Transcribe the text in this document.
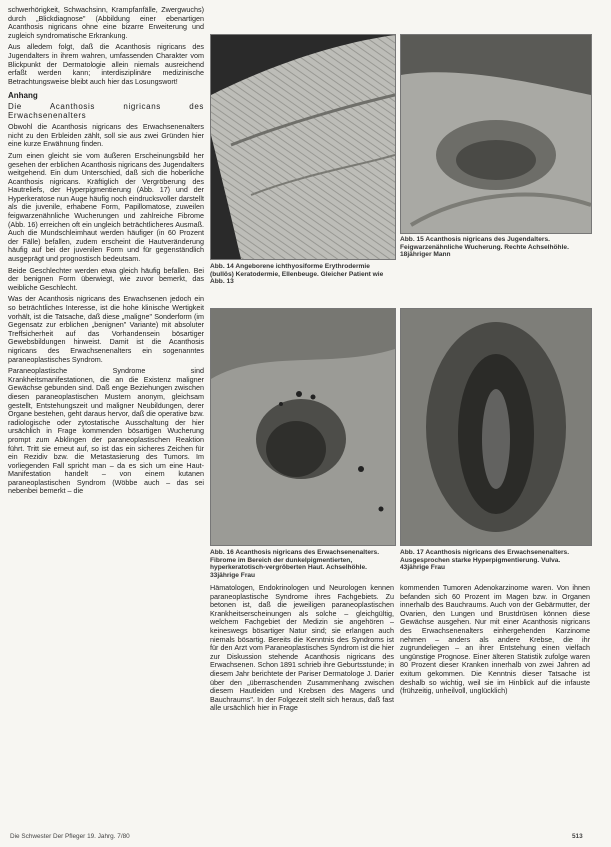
schwerhörigkeit, Schwachsinn, Krampfanfälle, Zwergwuchs) durch „Blickdiagnose" (Abbildung einer ebenartigen Acanthosis nigricans ohne eine bizarre Erweiterung und zugleich syndromatische Erkrankung.

Aus alledem folgt, daß die Acanthosis nigricans des Jugendalters in ihrem wahren, umfassenden Charakter vom Blickpunkt der Dermatologie allein niemals ausreichend erfaßt werden kann; interdisziplinäre medizinische Betrachtungsweise bleibt auch hier das Losungswort!

Anhang
Die Acanthosis nigricans des Erwachsenenalters

Obwohl die Acanthosis nigricans des Erwachsenenalters nicht zu den Erbleiden zählt, soll sie aus zwei Gründen hier eine kurze Erwähnung finden.

Zum einen gleicht sie vom äußeren Erscheinungsbild her gesehen der erblichen Acanthosis nigricans des Jugendalters weitgehend. Ein dum Unterschied, daß sich die hoberliche Acanthosis nigricans. Kräftiglich der Vergröberung des Hautreliefs, der Hyperpigmentierung (Abb. 17) und der Hyperkeratose nun Auge häufig noch eindrucksvoller darstellt als die juvenile, erhabene Form, Papillomatose, zuweilen feigwarzenähnliche Wucherungen und zahlreiche Fibrome (Abb. 16) erreichen oft ein ungleich beträchtlicheres Ausmaß. Auch die Mundschleimhaut werden häufiger (in 60 Prozent der Fälle) befallen, zudem erscheint die Hautveränderung häufig auf bei der juvenilen Form und für gegenständlich ausgeprägt und prognostisch bedeutsam.

Beide Geschlechter werden etwa gleich häufig befallen. Bei der benignen Form überwiegt, wie zuvor bemerkt, das weibliche Geschlecht.

Was der Acanthosis nigricans des Erwachsenen jedoch ein so beträchtliches Interesse, ist die hohe klinische Wertigkeit vorhält, ist die Tatsache, daß diese „maligne" Sonderform (im Gegensatz zur erblichen „benignen" Variante) mit absoluter Treffsicherheit auf das Vorhandensein bösartiger Gewebsbildungen hinweist. Damit ist die Acanthosis nigricans des Erwachsenenalters ein sogenanntes paraneoplastisches Syndrom.

Paraneoplastische Syndrome sind Krankheitsmanifestationen, die an die Existenz maligner Gewächse gebunden sind. Daß enge Beziehungen zwischen diesen paraneoplastischen Mustern anonym, gleichsam gestellt, Entstehungszeit und maligner Neubildungen, derer Organe bestehen, geht daraus hervor, daß die operative bzw. radiologische oder zytostatische Ausschaltung der hier ursächlich in Frage kommenden bösartigen Wucherung prompt zum Abklingen der paraneoplastischen Reaktion führt. Tritt sie erneut auf, so ist das ein sicheres Zeichen für ein Rezidiv bzw. die Metastasierung des Tumors. Im vorliegenden Fall spricht man – da es sich um eine Haut-Manifestation handelt – von einem kutanen paraneoplastischen Syndrom (Wöbbe auch – das sei nebenbei bemerkt – die

Abb. 14 Angeborene ichthyosiforme Erythrodermie (bullös) Keratodermie, Ellenbeuge. Gleicher Patient wie Abb. 13
Abb. 15 Acanthosis nigricans des Jugendalters. Feigwarzenähnliche Wucherung. Rechte Achselhöhle. 18jähriger Mann
Abb. 16 Acanthosis nigricans des Erwachsenenalters. Fibrome im Bereich der dunkelpigmentierten, hyperkeratotisch-vergröberten Haut. Achselhöhle. 33jährige Frau
Abb. 17 Acanthosis nigricans des Erwachsenenalters. Ausgesprochen starke Hyperpigmentierung. Vulva. 43jährige Frau

Hämatologen, Endokrinologen und Neurologen kennen paraneoplastische Syndrome ihres Fachgebiets. Zu betonen ist, daß die jeweiligen paraneoplastischen Krankheitserscheinungen als solche – gleichgültig, welchem Fachgebiet der Medizin sie angehören – keineswegs bösartiger Natur sind; sie erlangen auch niemals bösartig. Bereits die Kenntnis des Syndroms ist für den Arzt vom Paraneoplastisches Syndrom ist die hier zur Diskussion stehende Acanthosis nigricans des Erwachsenen. Schon 1891 schrieb ihre Geburtsstunde; in diesem Jahr berichtete der Pariser Dermatologe J. Darier über den „überraschenden Zusammenhang zwischen diesem Hautleiden und Krebsen des Magens und Bauchraums". In der Folgezeit stellt sich heraus, daß fast alle ursächlich hier in Frage

kommenden Tumoren Adenokarzinome waren. Von ihnen befanden sich 60 Prozent im Magen bzw. in Organen innerhalb des Bauchraums. Auch von der Gebärmutter, der Ovarien, den Lungen und Brustdrüsen können diese Gewächse ausgehen. Nur mit einer Acanthosis nigricans des Erwachsenenalters einhergehenden Karzinome nehmen – anders als andere Krebse, die ihr zugrundeliegen – an ihrer Entstehung einen vielfach ungünstige Prognose. Einer älteren Statistik zufolge waren 80 Prozent dieser Kranken innerhalb von zwei Jahren ad exitum gekommen. Die Kenntnis dieser Tatsache ist deshalb so wichtig, weil sie im Hinblick auf die infauste (frühzeitig, unheilvoll, unglücklich)

Die Schwester Der Pfleger 19. Jahrg. 7/80	513
